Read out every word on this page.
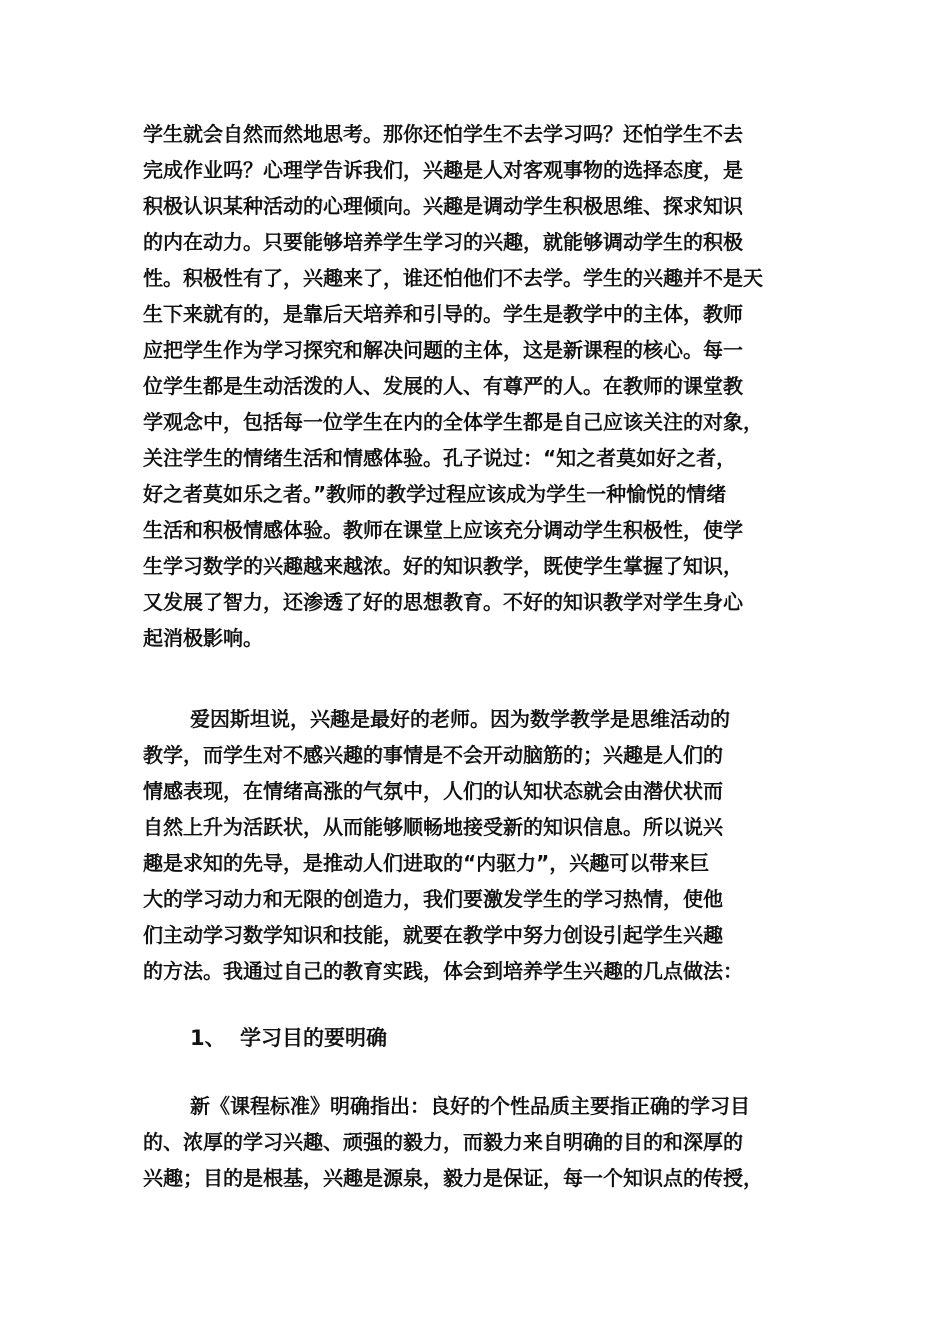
学生就会自然而然地思考。那你还怕学生不去学习吗？还怕学生不去
完成作业吗？心理学告诉我们，兴趣是人对客观事物的选择态度，是
积极认识某种活动的心理倾向。兴趣是调动学生积极思维、探求知识
的内在动力。只要能够培养学生学习的兴趣，就能够调动学生的积极
性。积极性有了，兴趣来了，谁还怕他们不去学。学生的兴趣并不是天
生下来就有的，是靠后天培养和引导的。学生是教学中的主体，教师
应把学生作为学习探究和解决问题的主体，这是新课程的核心。每一
位学生都是生动活泼的人、发展的人、有尊严的人。在教师的课堂教
学观念中，包括每一位学生在内的全体学生都是自己应该关注的对象，
关注学生的情绪生活和情感体验。孔子说过：“知之者莫如好之者，
好之者莫如乐之者。”教师的教学过程应该成为学生一种愉悦的情绪
生活和积极情感体验。教师在课堂上应该充分调动学生积极性，使学
生学习数学的兴趣越来越浓。好的知识教学，既使学生掌握了知识，
又发展了智力，还渗透了好的思想教育。不好的知识教学对学生身心
起消极影响。
爱因斯坦说，兴趣是最好的老师。因为数学教学是思维活动的
教学，而学生对不感兴趣的事情是不会开动脑筋的；兴趣是人们的
情感表现，在情绪高涨的气氛中，人们的认知状态就会由潜伏状而
自然上升为活跃状，从而能够顺畅地接受新的知识信息。所以说兴
趣是求知的先导，是推动人们进取的“内驱力”，兴趣可以带来巨
大的学习动力和无限的创造力，我们要激发学生的学习热情，使他
们主动学习数学知识和技能，就要在教学中努力创设引起学生兴趣
的方法。我通过自己的教育实践，体会到培养学生兴趣的几点做法：
1、 学习目的要明确
新《课程标准》明确指出：良好的个性品质主要指正确的学习目
的、浓厚的学习兴趣、顽强的毅力，而毅力来自明确的目的和深厚的
兴趣；目的是根基，兴趣是源泉，毅力是保证，每一个知识点的传授，
